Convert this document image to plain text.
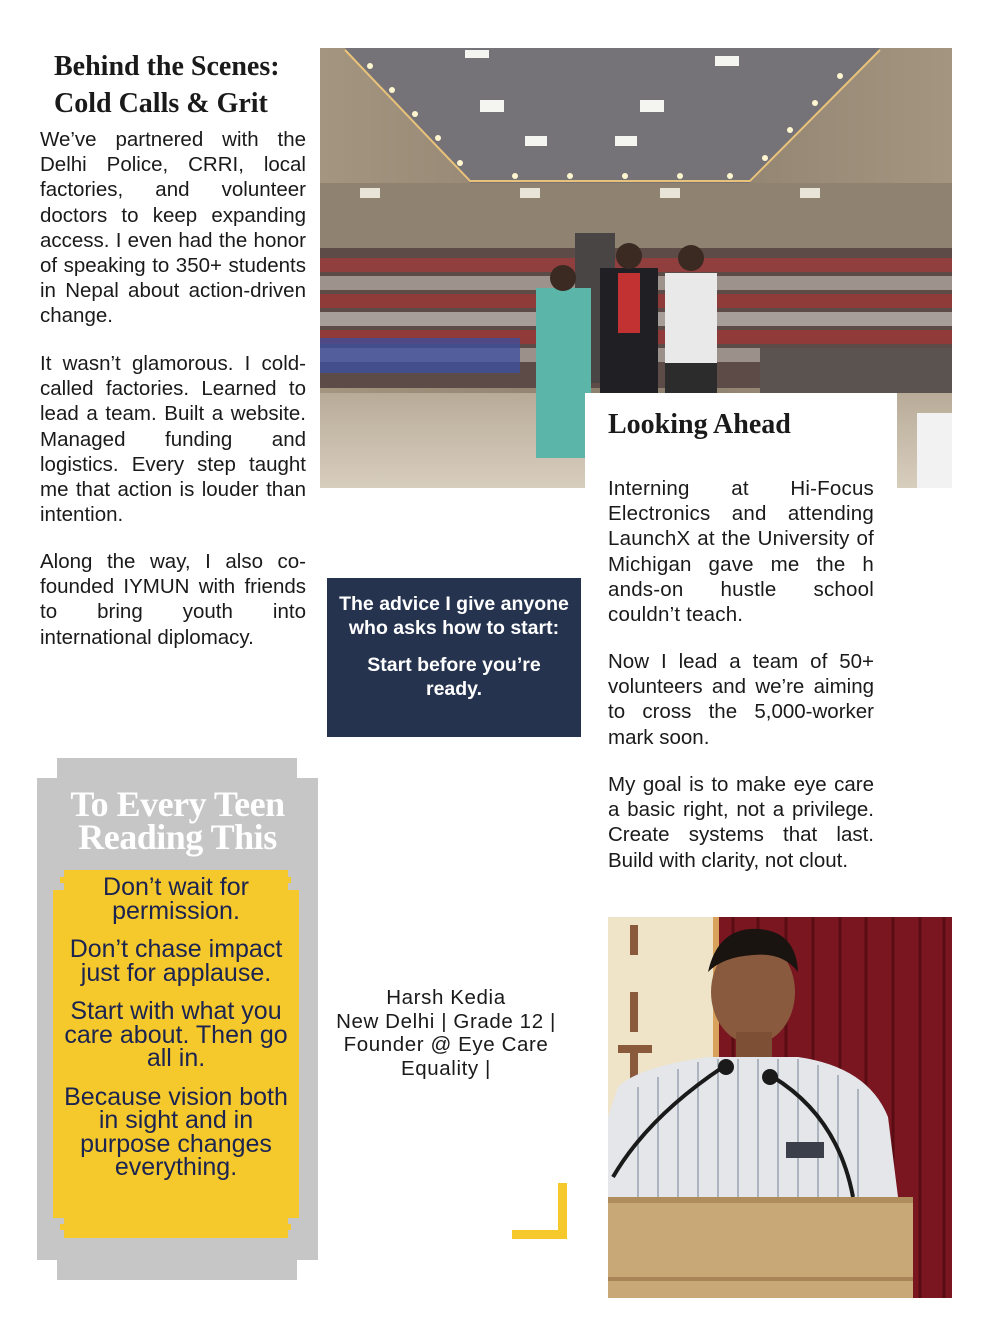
Behind the Scenes:
Cold Calls & Grit

We’ve partnered with the Delhi Police, CRRI, local factories, and volunteer doctors to keep expanding access. I even had the honor of speaking to 350+ students in Nepal about action-driven change.

It wasn’t glamorous. I cold-called factories. Learned to lead a team. Built a website. Managed funding and logistics. Every step taught me that action is louder than intention.

Along the way, I also co-founded IYMUN with friends to bring youth into international diplomacy.

Looking Ahead

Interning at Hi-Focus Electronics and attending LaunchX at the University of Michigan gave me the h ands-on hustle school couldn’t teach.

Now I lead a team of 50+ volunteers and we’re aiming to cross the 5,000-worker mark soon.

My goal is to make eye care a basic right, not a privilege. Create systems that last. Build with clarity, not clout.

The advice I give anyone who asks how to start:
Start before you’re ready.
To Every Teen
Reading This

Don’t wait for permission.

Don’t chase impact just for applause.

Start with what you care about. Then go all in.

Because vision both in sight and in purpose changes everything.

Harsh Kedia
New Delhi | Grade 12 | Founder @ Eye Care Equality |
